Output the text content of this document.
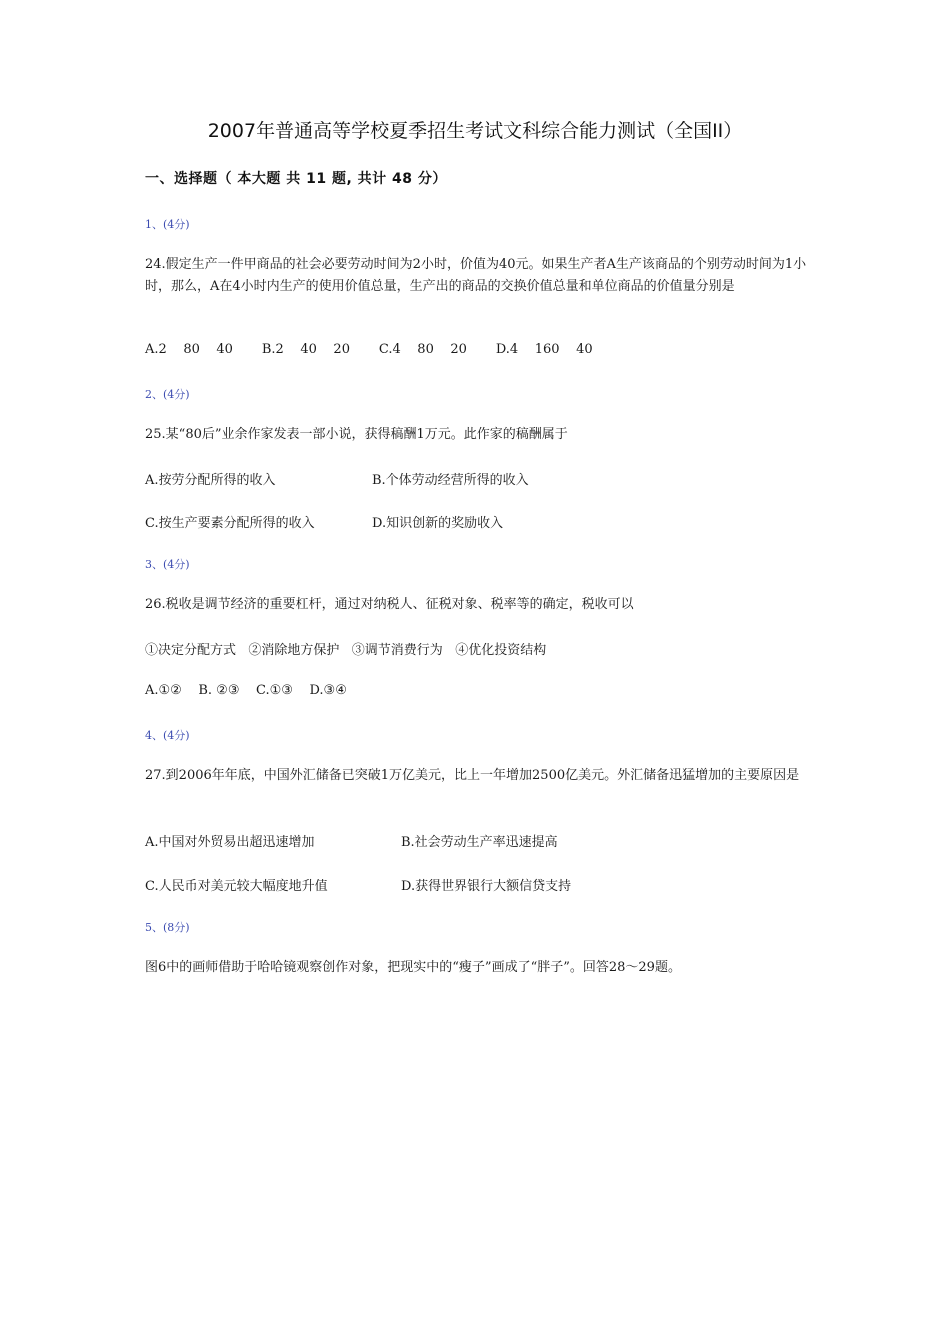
2007年普通高等学校夏季招生考试文科综合能力测试（全国II）
一、选择题（ 本大题 共 11 题, 共计 48 分）
1、(4分)
24.假定生产一件甲商品的社会必要劳动时间为2小时，价值为40元。如果生产者A生产该商品的个别劳动时间为1小时，那么，A在4小时内生产的使用价值总量，生产出的商品的交换价值总量和单位商品的价值量分别是
A.2    80    40       B.2    40    20       C.4    80    20       D.4    160    40
2、(4分)
25.某“80后”业余作家发表一部小说，获得稿酬1万元。此作家的稿酬属于
A.按劳分配所得的收入	B.个体劳动经营所得的收入
C.按生产要素分配所得的收入	D.知识创新的奖励收入
3、(4分)
26.税收是调节经济的重要杠杆，通过对纳税人、征税对象、税率等的确定，税收可以
①决定分配方式   ②消除地方保护   ③调节消费行为   ④优化投资结构
A.①②    B. ②③    C.①③    D.③④
4、(4分)
27.到2006年年底，中国外汇储备已突破1万亿美元，比上一年增加2500亿美元。外汇储备迅猛增加的主要原因是
A.中国对外贸易出超迅速增加	B.社会劳动生产率迅速提高
C.人民币对美元较大幅度地升值	D.获得世界银行大额信贷支持
5、(8分)
图6中的画师借助于哈哈镜观察创作对象，把现实中的“瘦子”画成了“胖子”。回答28～29题。
